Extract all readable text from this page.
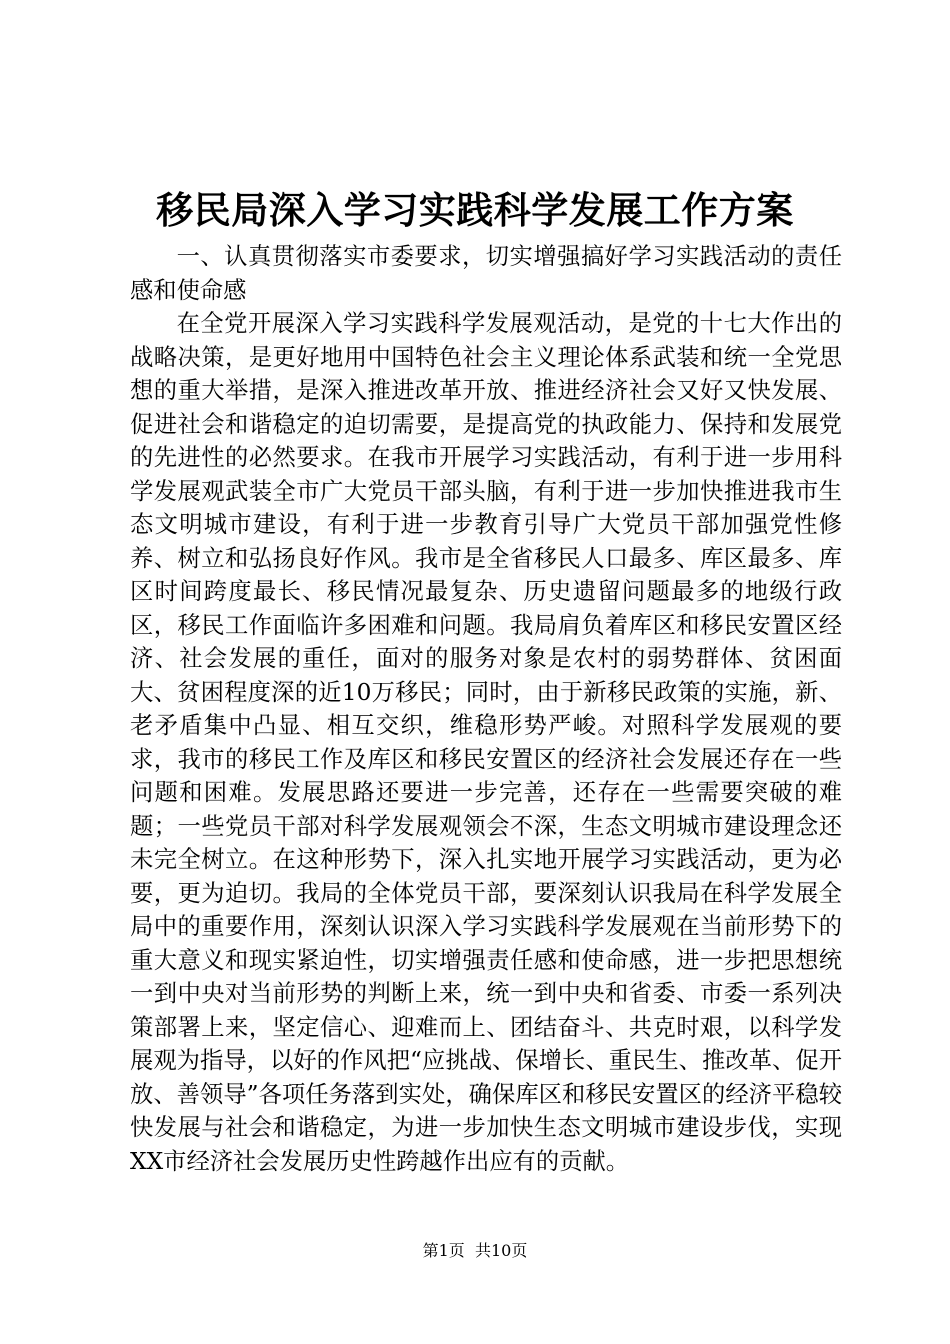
移民局深入学习实践科学发展工作方案

一、认真贯彻落实市委要求，切实增强搞好学习实践活动的责任感和使命感

在全党开展深入学习实践科学发展观活动，是党的十七大作出的战略决策，是更好地用中国特色社会主义理论体系武装和统一全党思想的重大举措，是深入推进改革开放、推进经济社会又好又快发展、促进社会和谐稳定的迫切需要，是提高党的执政能力、保持和发展党的先进性的必然要求。在我市开展学习实践活动，有利于进一步用科学发展观武装全市广大党员干部头脑，有利于进一步加快推进我市生态文明城市建设，有利于进一步教育引导广大党员干部加强党性修养、树立和弘扬良好作风。我市是全省移民人口最多、库区最多、库区时间跨度最长、移民情况最复杂、历史遗留问题最多的地级行政区，移民工作面临许多困难和问题。我局肩负着库区和移民安置区经济、社会发展的重任，面对的服务对象是农村的弱势群体、贫困面大、贫困程度深的近10万移民；同时，由于新移民政策的实施，新、老矛盾集中凸显、相互交织，维稳形势严峻。对照科学发展观的要求，我市的移民工作及库区和移民安置区的经济社会发展还存在一些问题和困难。发展思路还要进一步完善，还存在一些需要突破的难题；一些党员干部对科学发展观领会不深，生态文明城市建设理念还未完全树立。在这种形势下，深入扎实地开展学习实践活动，更为必要，更为迫切。我局的全体党员干部，要深刻认识我局在科学发展全局中的重要作用，深刻认识深入学习实践科学发展观在当前形势下的重大意义和现实紧迫性，切实增强责任感和使命感，进一步把思想统一到中央对当前形势的判断上来，统一到中央和省委、市委一系列决策部署上来，坚定信心、迎难而上、团结奋斗、共克时艰，以科学发展观为指导，以好的作风把“应挑战、保增长、重民生、推改革、促开放、善领导”各项任务落到实处，确保库区和移民安置区的经济平稳较快发展与社会和谐稳定，为进一步加快生态文明城市建设步伐，实现XX市经济社会发展历史性跨越作出应有的贡献。

第1页 共10页
